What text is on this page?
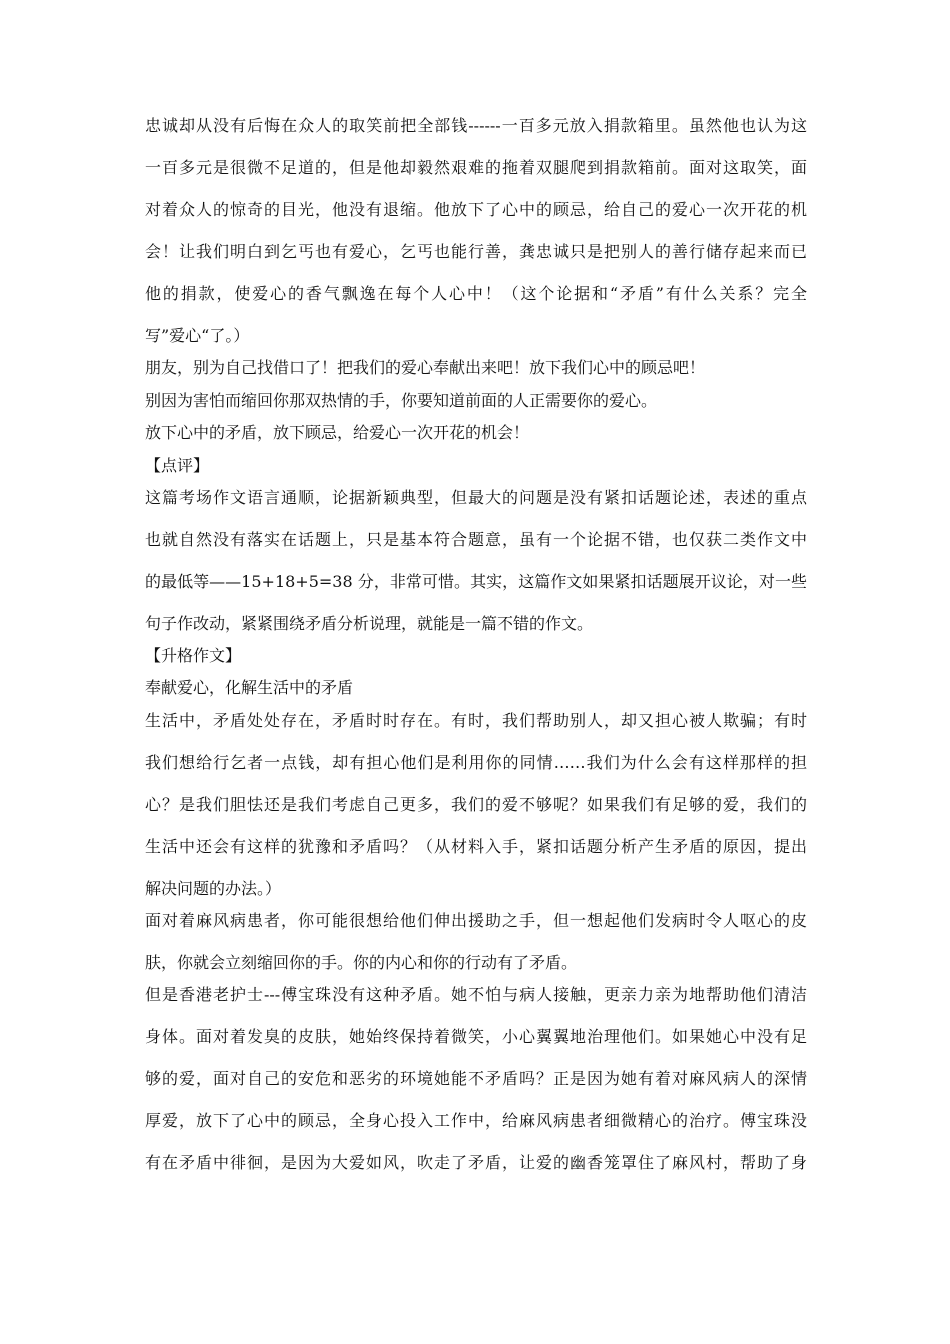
忠诚却从没有后悔在众人的取笑前把全部钱------一百多元放入捐款箱里。虽然他也认为这
一百多元是很微不足道的，但是他却毅然艰难的拖着双腿爬到捐款箱前。面对这取笑，面
对着众人的惊奇的目光，他没有退缩。他放下了心中的顾忌，给自己的爱心一次开花的机
会！让我们明白到乞丐也有爱心，乞丐也能行善，龚忠诚只是把别人的善行储存起来而已
他的捐款，使爱心的香气飘逸在每个人心中！（这个论据和“矛盾”有什么关系？完全
写”爱心“了。）
朋友，别为自己找借口了！把我们的爱心奉献出来吧！放下我们心中的顾忌吧！
别因为害怕而缩回你那双热情的手，你要知道前面的人正需要你的爱心。
放下心中的矛盾，放下顾忌，给爱心一次开花的机会！
【点评】
这篇考场作文语言通顺，论据新颖典型，但最大的问题是没有紧扣话题论述，表述的重点
也就自然没有落实在话题上，只是基本符合题意，虽有一个论据不错，也仅获二类作文中
的最低等——15+18+5=38 分，非常可惜。其实，这篇作文如果紧扣话题展开议论，对一些
句子作改动，紧紧围绕矛盾分析说理，就能是一篇不错的作文。
【升格作文】
奉献爱心，化解生活中的矛盾
生活中，矛盾处处存在，矛盾时时存在。有时，我们帮助别人，却又担心被人欺骗；有时
我们想给行乞者一点钱，却有担心他们是利用你的同情……我们为什么会有这样那样的担
心？是我们胆怯还是我们考虑自己更多，我们的爱不够呢？如果我们有足够的爱，我们的
生活中还会有这样的犹豫和矛盾吗？（从材料入手，紧扣话题分析产生矛盾的原因，提出
解决问题的办法。）
面对着麻风病患者，你可能很想给他们伸出援助之手，但一想起他们发病时令人呕心的皮
肤，你就会立刻缩回你的手。你的内心和你的行动有了矛盾。
但是香港老护士---傅宝珠没有这种矛盾。她不怕与病人接触，更亲力亲为地帮助他们清洁
身体。面对着发臭的皮肤，她始终保持着微笑，小心翼翼地治理他们。如果她心中没有足
够的爱，面对自己的安危和恶劣的环境她能不矛盾吗？正是因为她有着对麻风病人的深情
厚爱，放下了心中的顾忌，全身心投入工作中，给麻风病患者细微精心的治疗。傅宝珠没
有在矛盾中徘徊，是因为大爱如风，吹走了矛盾，让爱的幽香笼罩住了麻风村，帮助了身
